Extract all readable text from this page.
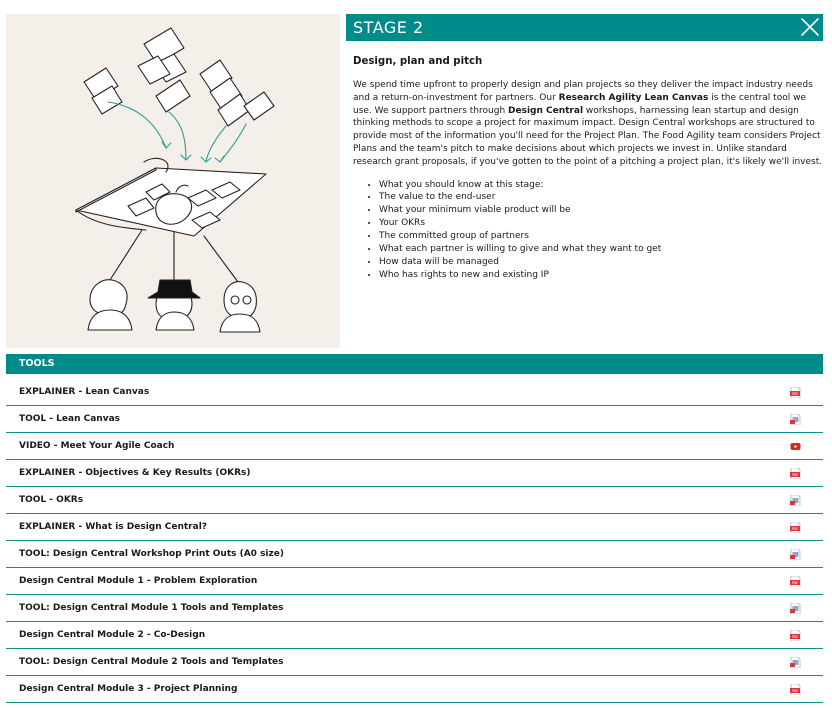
STAGE 2
Design, plan and pitch

We spend time upfront to properly design and plan projects so they deliver the impact industry needs and a return-on-investment for partners. Our Research Agility Lean Canvas is the central tool we use. We support partners through Design Central workshops, harnessing lean startup and design thinking methods to scope a project for maximum impact. Design Central workshops are structured to provide most of the information you'll need for the Project Plan. The Food Agility team considers Project Plans and the team's pitch to make decisions about which projects we invest in. Unlike standard research grant proposals, if you've gotten to the point of a pitching a project plan, it's likely we'll invest.

• What you should know at this stage:
• The value to the end-user
• What your minimum viable product will be
• Your OKRs
• The committed group of partners
• What each partner is willing to give and what they want to get
• How data will be managed
• Who has rights to new and existing IP
TOOLS
EXPLAINER - Lean Canvas	PDF
TOOL - Lean Canvas
VIDEO - Meet Your Agile Coach
EXPLAINER - Objectives & Key Results (OKRs)	PDF
TOOL - OKRs
EXPLAINER - What is Design Central?	PDF
TOOL: Design Central Workshop Print Outs (A0 size)
Design Central Module 1 - Problem Exploration	PDF
TOOL: Design Central Module 1 Tools and Templates
Design Central Module 2 - Co-Design	PDF
TOOL: Design Central Module 2 Tools and Templates
Design Central Module 3 - Project Planning	PDF
